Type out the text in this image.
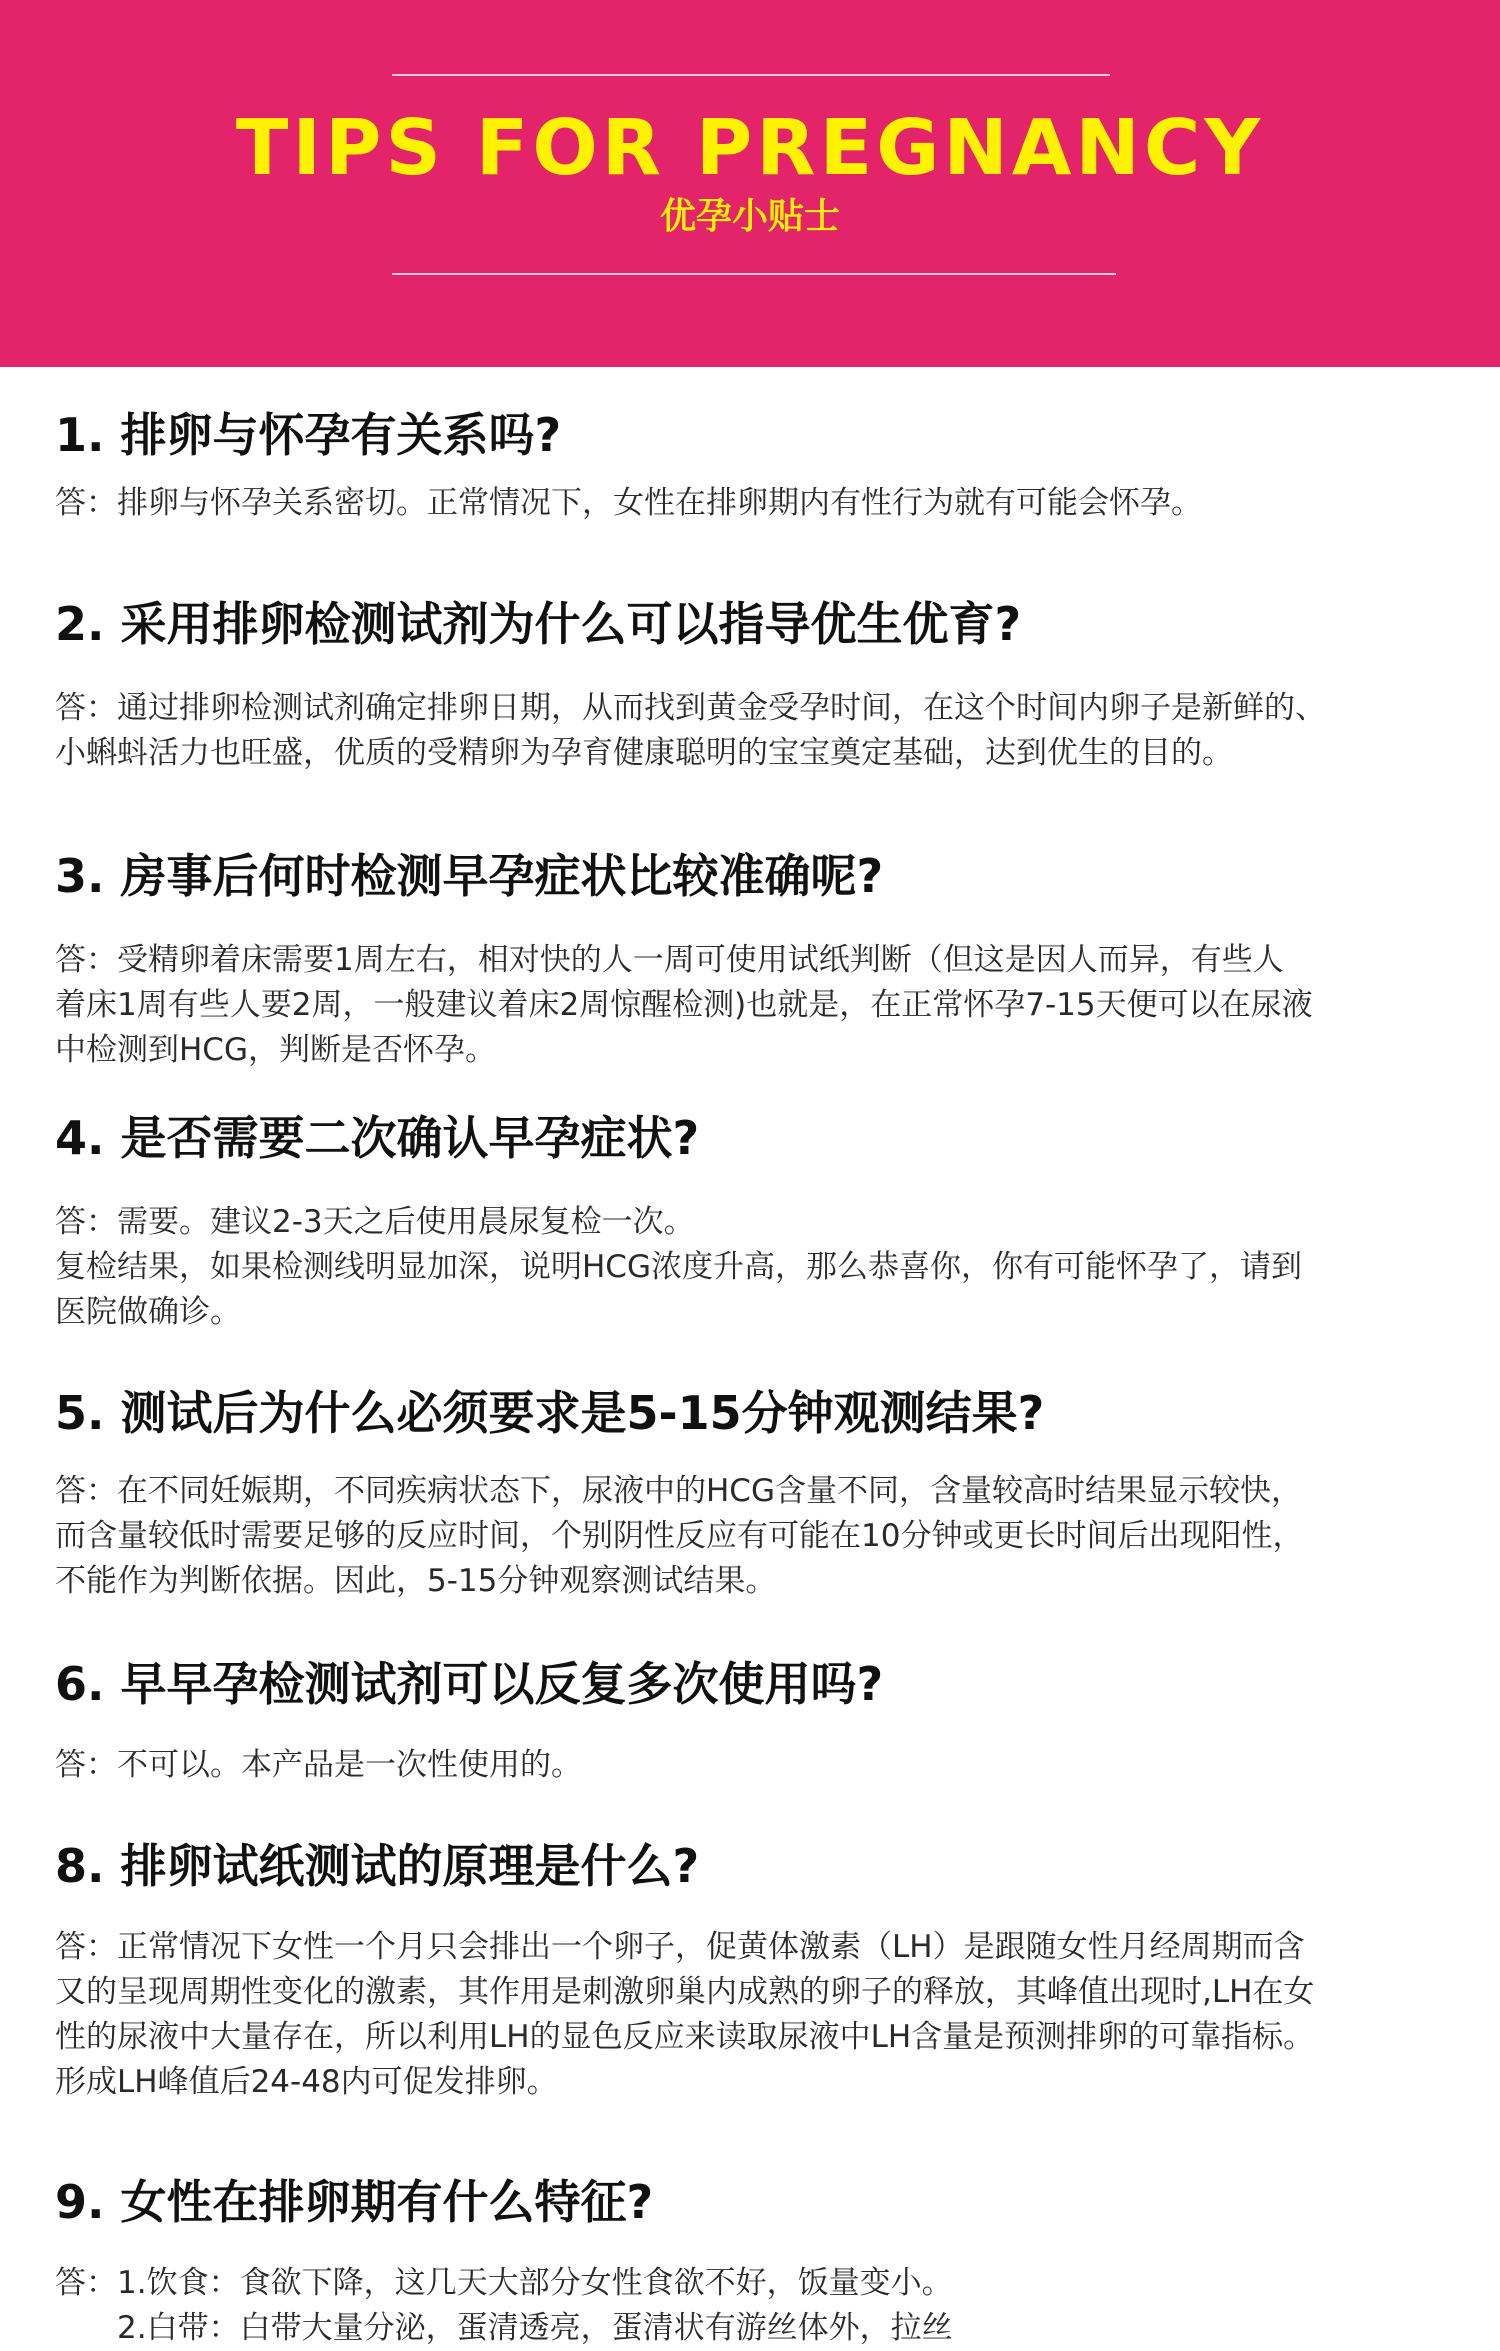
TIPS FOR PREGNANCY
优孕小贴士
1. 排卵与怀孕有关系吗?
答：排卵与怀孕关系密切。正常情况下，女性在排卵期内有性行为就有可能会怀孕。
2. 采用排卵检测试剂为什么可以指导优生优育?
答：通过排卵检测试剂确定排卵日期，从而找到黄金受孕时间，在这个时间内卵子是新鲜的、
小蝌蚪活力也旺盛，优质的受精卵为孕育健康聪明的宝宝奠定基础，达到优生的目的。
3. 房事后何时检测早孕症状比较准确呢?
答：受精卵着床需要1周左右，相对快的人一周可使用试纸判断（但这是因人而异，有些人
着床1周有些人要2周，一般建议着床2周惊醒检测)也就是，在正常怀孕7-15天便可以在尿液
中检测到HCG，判断是否怀孕。
4. 是否需要二次确认早孕症状?
答：需要。建议2-3天之后使用晨尿复检一次。
复检结果，如果检测线明显加深，说明HCG浓度升高，那么恭喜你，你有可能怀孕了，请到
医院做确诊。
5. 测试后为什么必须要求是5-15分钟观测结果?
答：在不同妊娠期，不同疾病状态下，尿液中的HCG含量不同，含量较高时结果显示较快，
而含量较低时需要足够的反应时间，个别阴性反应有可能在10分钟或更长时间后出现阳性，
不能作为判断依据。因此，5-15分钟观察测试结果。
6. 早早孕检测试剂可以反复多次使用吗?
答：不可以。本产品是一次性使用的。
8. 排卵试纸测试的原理是什么?
答：正常情况下女性一个月只会排出一个卵子，促黄体激素（LH）是跟随女性月经周期而含
又的呈现周期性变化的激素，其作用是刺激卵巢内成熟的卵子的释放，其峰值出现时,LH在女
性的尿液中大量存在，所以利用LH的显色反应来读取尿液中LH含量是预测排卵的可靠指标。
形成LH峰值后24-48内可促发排卵。
9. 女性在排卵期有什么特征?
答：1.饮食：食欲下降，这几天大部分女性食欲不好，饭量变小。
　　2.白带：白带大量分泌，蛋清透亮，蛋清状有游丝体外，拉丝
